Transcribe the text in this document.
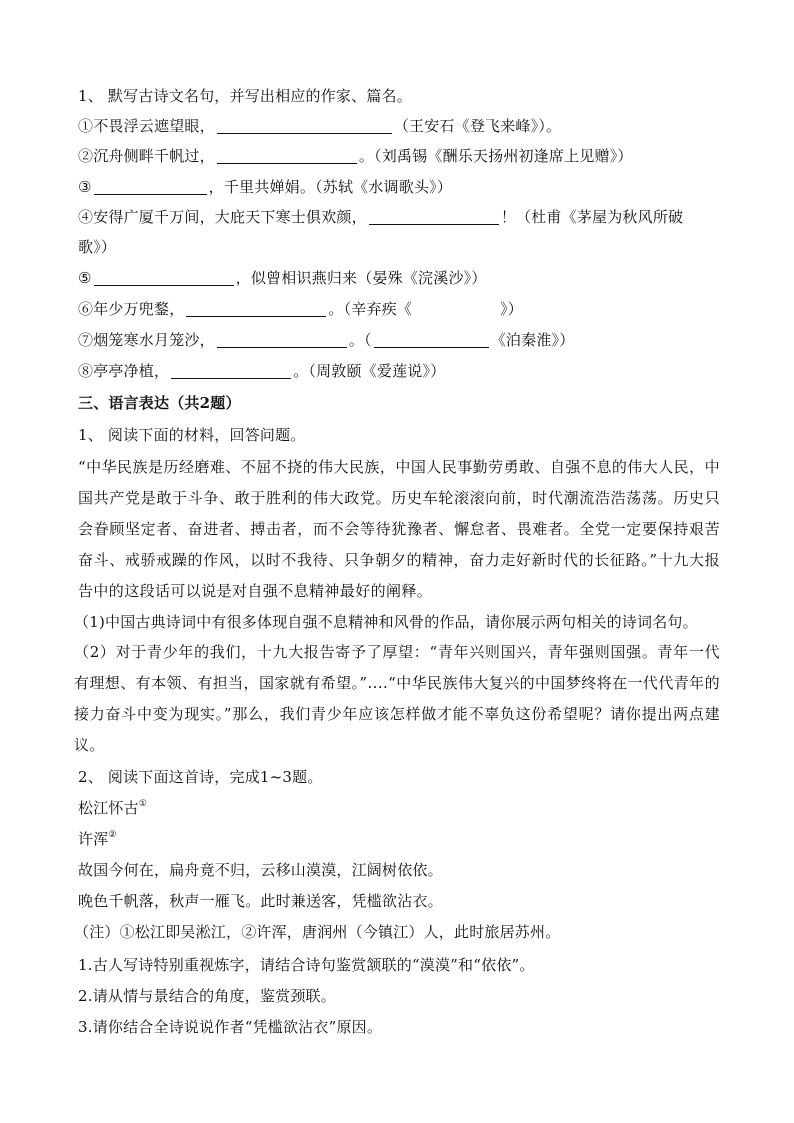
1、 默写古诗文名句，并写出相应的作家、篇名。
①不畏浮云遮望眼，	（王安石《登飞来峰》）。
②沉舟侧畔千帆过，	。（刘禹锡《酬乐天扬州初逢席上见赠》）
③	，千里共婵娟。（苏轼《水调歌头》）
④安得广厦千万间，大庇天下寒士俱欢颜，	！（杜甫《茅屋为秋风所破
歌》）
⑤	，似曾相识燕归来（晏殊《浣溪沙》）
⑥年少万兜鍪，	。（辛弃疾《	》）
⑦烟笼寒水月笼沙，	。（	《泊秦淮》）
⑧亭亭净植，	。（周敦颐《爱莲说》）
三、语言表达（共2题）
1、 阅读下面的材料，回答问题。
“中华民族是历经磨难、不屈不挠的伟大民族，中国人民事勤劳勇敢、自强不息的伟大人民，中国共产党是敢于斗争、敢于胜利的伟大政党。历史车轮滚滚向前，时代潮流浩浩荡荡。历史只会眷顾坚定者、奋进者、搏击者，而不会等待犹豫者、懈怠者、畏难者。全党一定要保持艰苦奋斗、戒骄戒躁的作风，以时不我待、只争朝夕的精神，奋力走好新时代的长征路。”十九大报告中的这段话可以说是对自强不息精神最好的阐释。
（1)中国古典诗词中有很多体现自强不息精神和风骨的作品，请你展示两句相关的诗词名句。
（2）对于青少年的我们，十九大报告寄予了厚望：“青年兴则国兴，青年强则国强。青年一代有理想、有本领、有担当，国家就有希望。”....“中华民族伟大复兴的中国梦终将在一代代青年的接力奋斗中变为现实。”那么，我们青少年应该怎样做才能不辜负这份希望呢？请你提出两点建议。
2、 阅读下面这首诗，完成1~3题。
松江怀古①
许浑②
故国今何在，扁舟竟不归，云移山漠漠，江阔树依依。
晚色千帆落，秋声一雁飞。此时兼送客，凭槛欲沾衣。
（注）①松江即吴淞江，②许浑，唐润州（今镇江）人，此时旅居苏州。
1.古人写诗特别重视炼字，请结合诗句鉴赏颔联的“漠漠”和“依依”。
2.请从情与景结合的角度，鉴赏颈联。
3.请你结合全诗说说作者“凭槛欲沾衣”原因。
